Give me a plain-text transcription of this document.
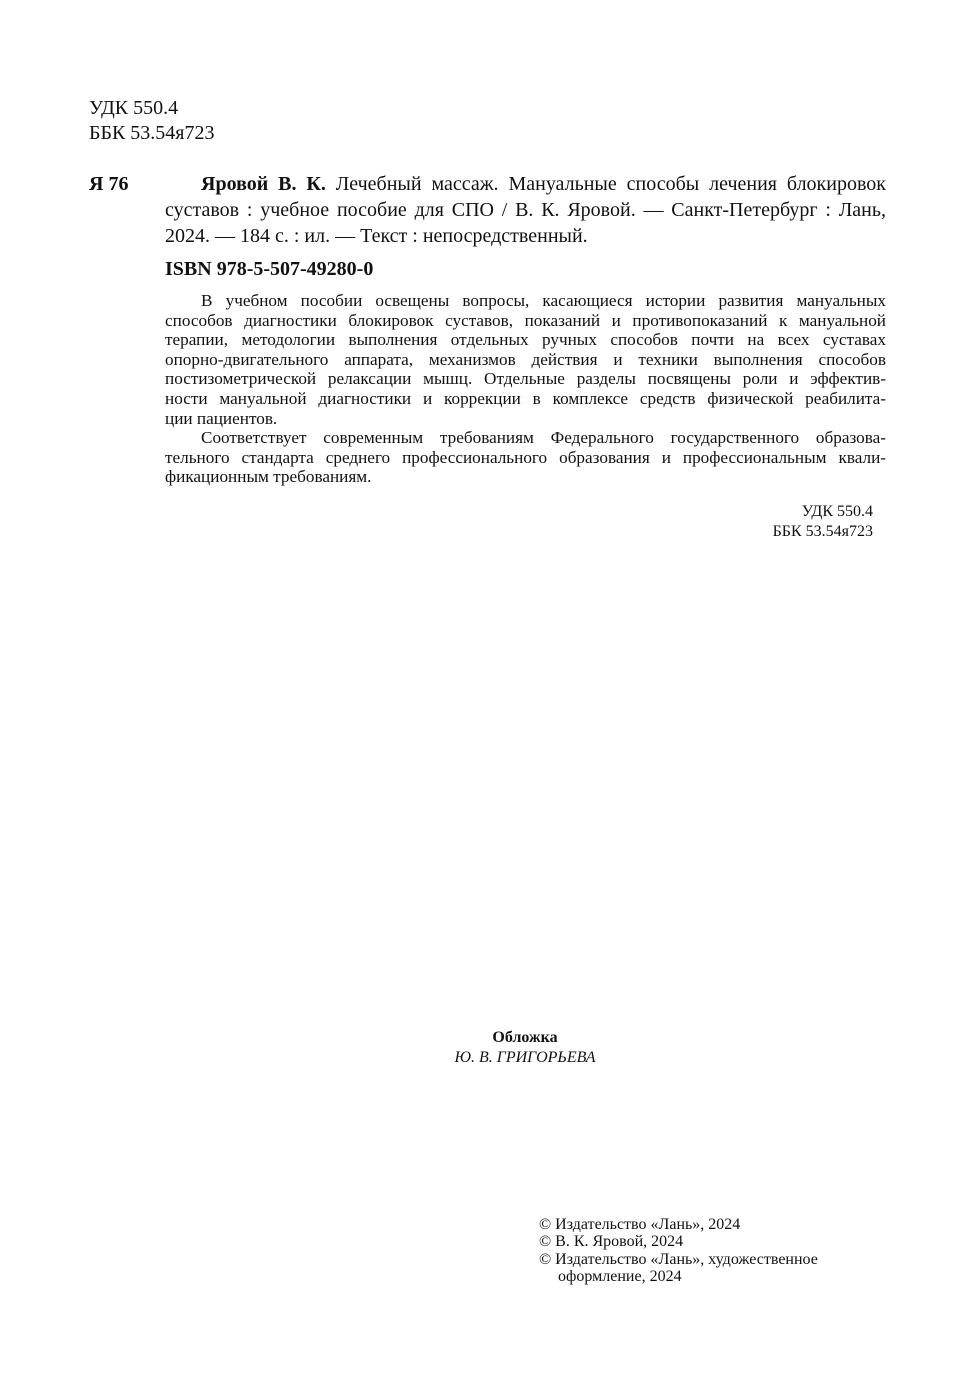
УДК 550.4
ББК 53.54я723
Я 76	Яровой В. К. Лечебный массаж. Мануальные способы лечения блокировок
суставов : учебное пособие для СПО / В. К. Яровой. — Санкт-Петербург : Лань,
2024. — 184 с. : ил. — Текст : непосредственный.
ISBN 978-5-507-49280-0

В учебном пособии освещены вопросы, касающиеся истории развития мануальных
способов диагностики блокировок суставов, показаний и противопоказаний к мануальной
терапии, методологии выполнения отдельных ручных способов почти на всех суставах
опорно-двигательного аппарата, механизмов действия и техники выполнения способов
постизометрической релаксации мышц. Отдельные разделы посвящены роли и эффектив-
ности мануальной диагностики и коррекции в комплексе средств физической реабилита-
ции пациентов.

Соответствует современным требованиям Федерального государственного образова-
тельного стандарта среднего профессионального образования и профессиональным квали-
фикационным требованиям.

УДК 550.4
ББК 53.54я723
Обложка
Ю. В. ГРИГОРЬЕВА
© Издательство «Лань», 2024
© В. К. Яровой, 2024
© Издательство «Лань», художественное
оформление, 2024
